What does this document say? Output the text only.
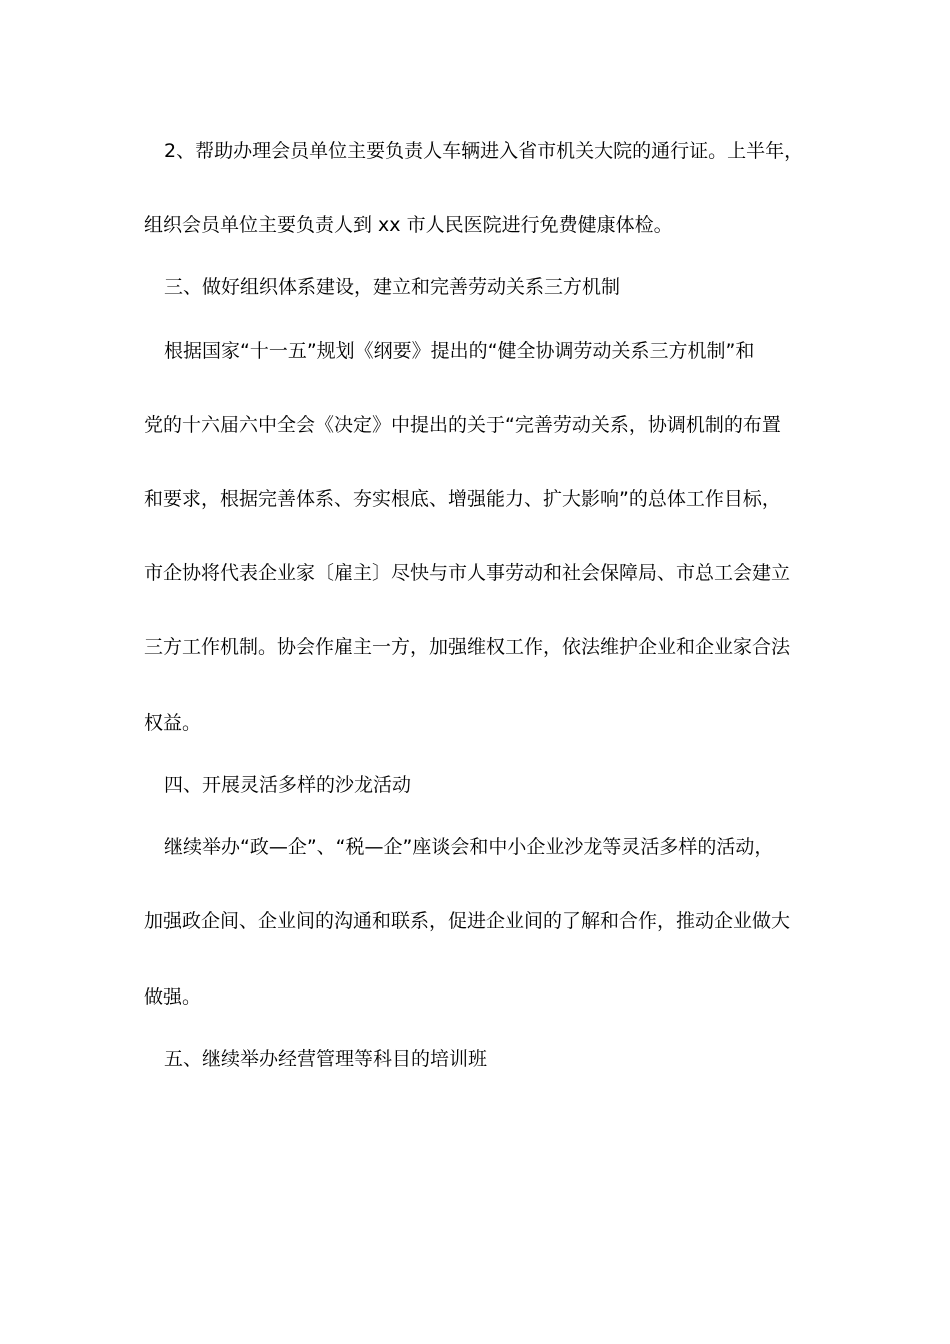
2、帮助办理会员单位主要负责人车辆进入省市机关大院的通行证。上半年，
组织会员单位主要负责人到 xx 市人民医院进行免费健康体检。
三、做好组织体系建设，建立和完善劳动关系三方机制
根据国家“十一五”规划《纲要》提出的“健全协调劳动关系三方机制”和
党的十六届六中全会《决定》中提出的关于“完善劳动关系，协调机制的布置
和要求，根据完善体系、夯实根底、增强能力、扩大影响”的总体工作目标，
市企协将代表企业家〔雇主〕尽快与市人事劳动和社会保障局、市总工会建立
三方工作机制。协会作雇主一方，加强维权工作，依法维护企业和企业家合法
权益。
四、开展灵活多样的沙龙活动
继续举办“政—企”、“税—企”座谈会和中小企业沙龙等灵活多样的活动，
加强政企间、企业间的沟通和联系，促进企业间的了解和合作，推动企业做大
做强。
五、继续举办经营管理等科目的培训班
